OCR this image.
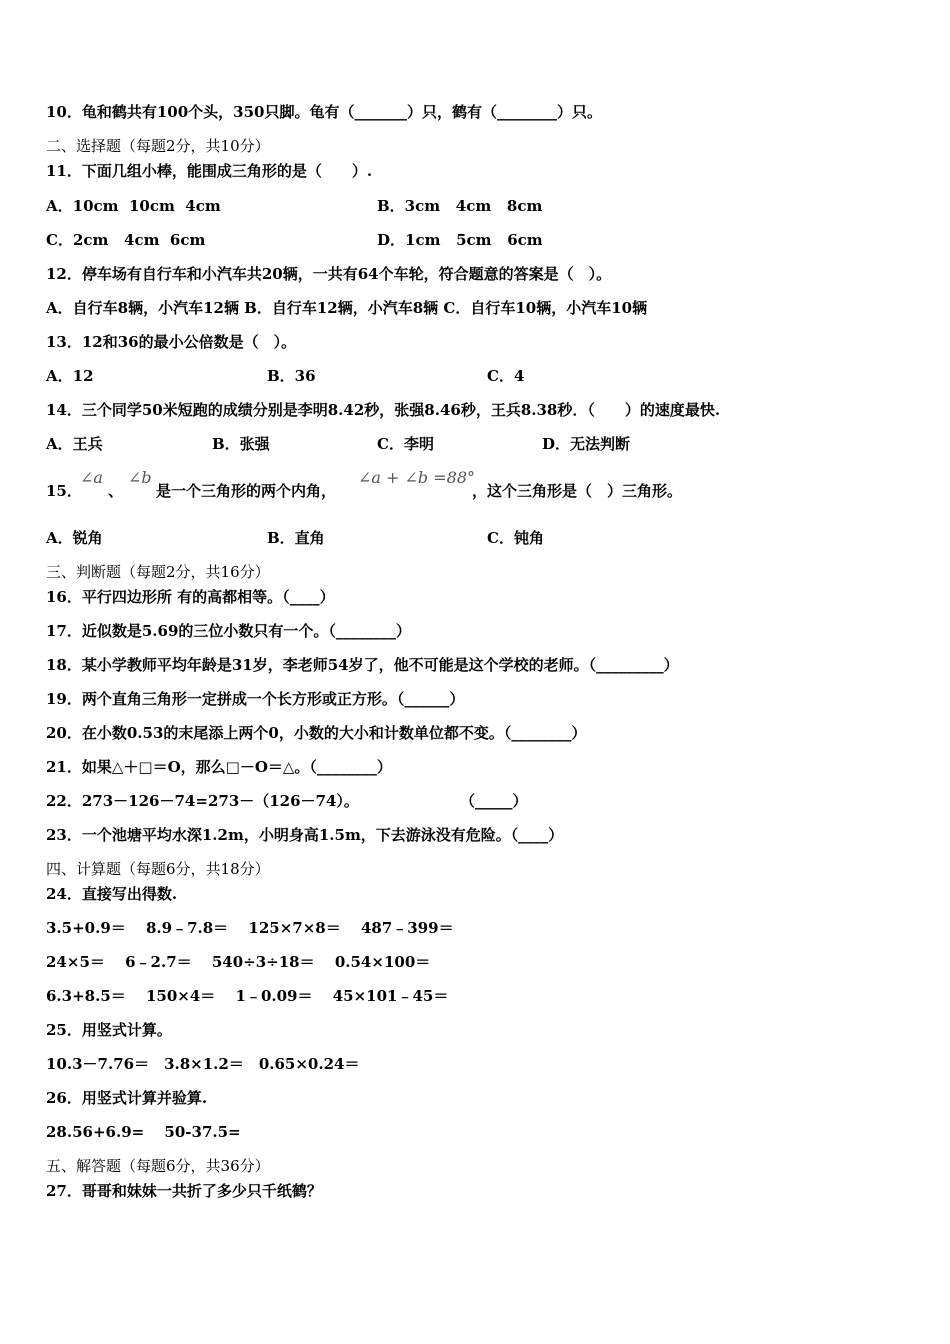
10．龟和鹤共有100个头，350只脚。龟有（_______）只，鹤有（________）只。
二、选择题（每题2分，共10分）
11．下面几组小棒，能围成三角形的是（　　）.
A．10cm  10cm  4cm	B．3cm   4cm   8cm
C．2cm   4cm  6cm	D．1cm   5cm   6cm
12．停车场有自行车和小汽车共20辆，一共有64个车轮，符合题意的答案是（　）。
A．自行车8辆，小汽车12辆 B．自行车12辆，小汽车8辆 C．自行车10辆，小汽车10辆
13．12和36的最小公倍数是（　）。
A．12	B．36	C．4
14．三个同学50米短跑的成绩分别是李明8.42秒，张强8.46秒，王兵8.38秒．（　　）的速度最快.
A．王兵	B．张强	C．李明	D．无法判断
15．
∠a
、
∠b
是一个三角形的两个内角，
∠a + ∠b =88°
，这个三角形是（　）三角形。
A．锐角	B．直角	C．钝角
三、判断题（每题2分，共16分）
16．平行四边形所 有的高都相等。（____）
17．近似数是5.69的三位小数只有一个。（________）
18．某小学教师平均年龄是31岁，李老师54岁了，他不可能是这个学校的老师。（_________）
19．两个直角三角形一定拼成一个长方形或正方形。（______）
20．在小数0.53的末尾添上两个0，小数的大小和计数单位都不变。（________）
21．如果△＋□＝O，那么□－O＝△。（________）
22．273－126－74=273－（126－74）。	（_____）
23．一个池塘平均水深1.2m，小明身高1.5m，下去游泳没有危险。（____）
四、计算题（每题6分，共18分）
24．直接写出得数.
3.5+0.9＝　 8.9﹣7.8＝　 125×7×8＝　 487﹣399＝
24×5＝　 6﹣2.7＝　 540÷3÷18＝　 0.54×100＝
6.3+8.5＝　 150×4＝　 1﹣0.09＝　 45×101﹣45＝
25．用竖式计算。
10.3－7.76＝　3.8×1.2＝　0.65×0.24＝
26．用竖式计算并验算.
28.56+6.9=　 50-37.5=
五、解答题（每题6分，共36分）
27．哥哥和妹妹一共折了多少只千纸鹤？
